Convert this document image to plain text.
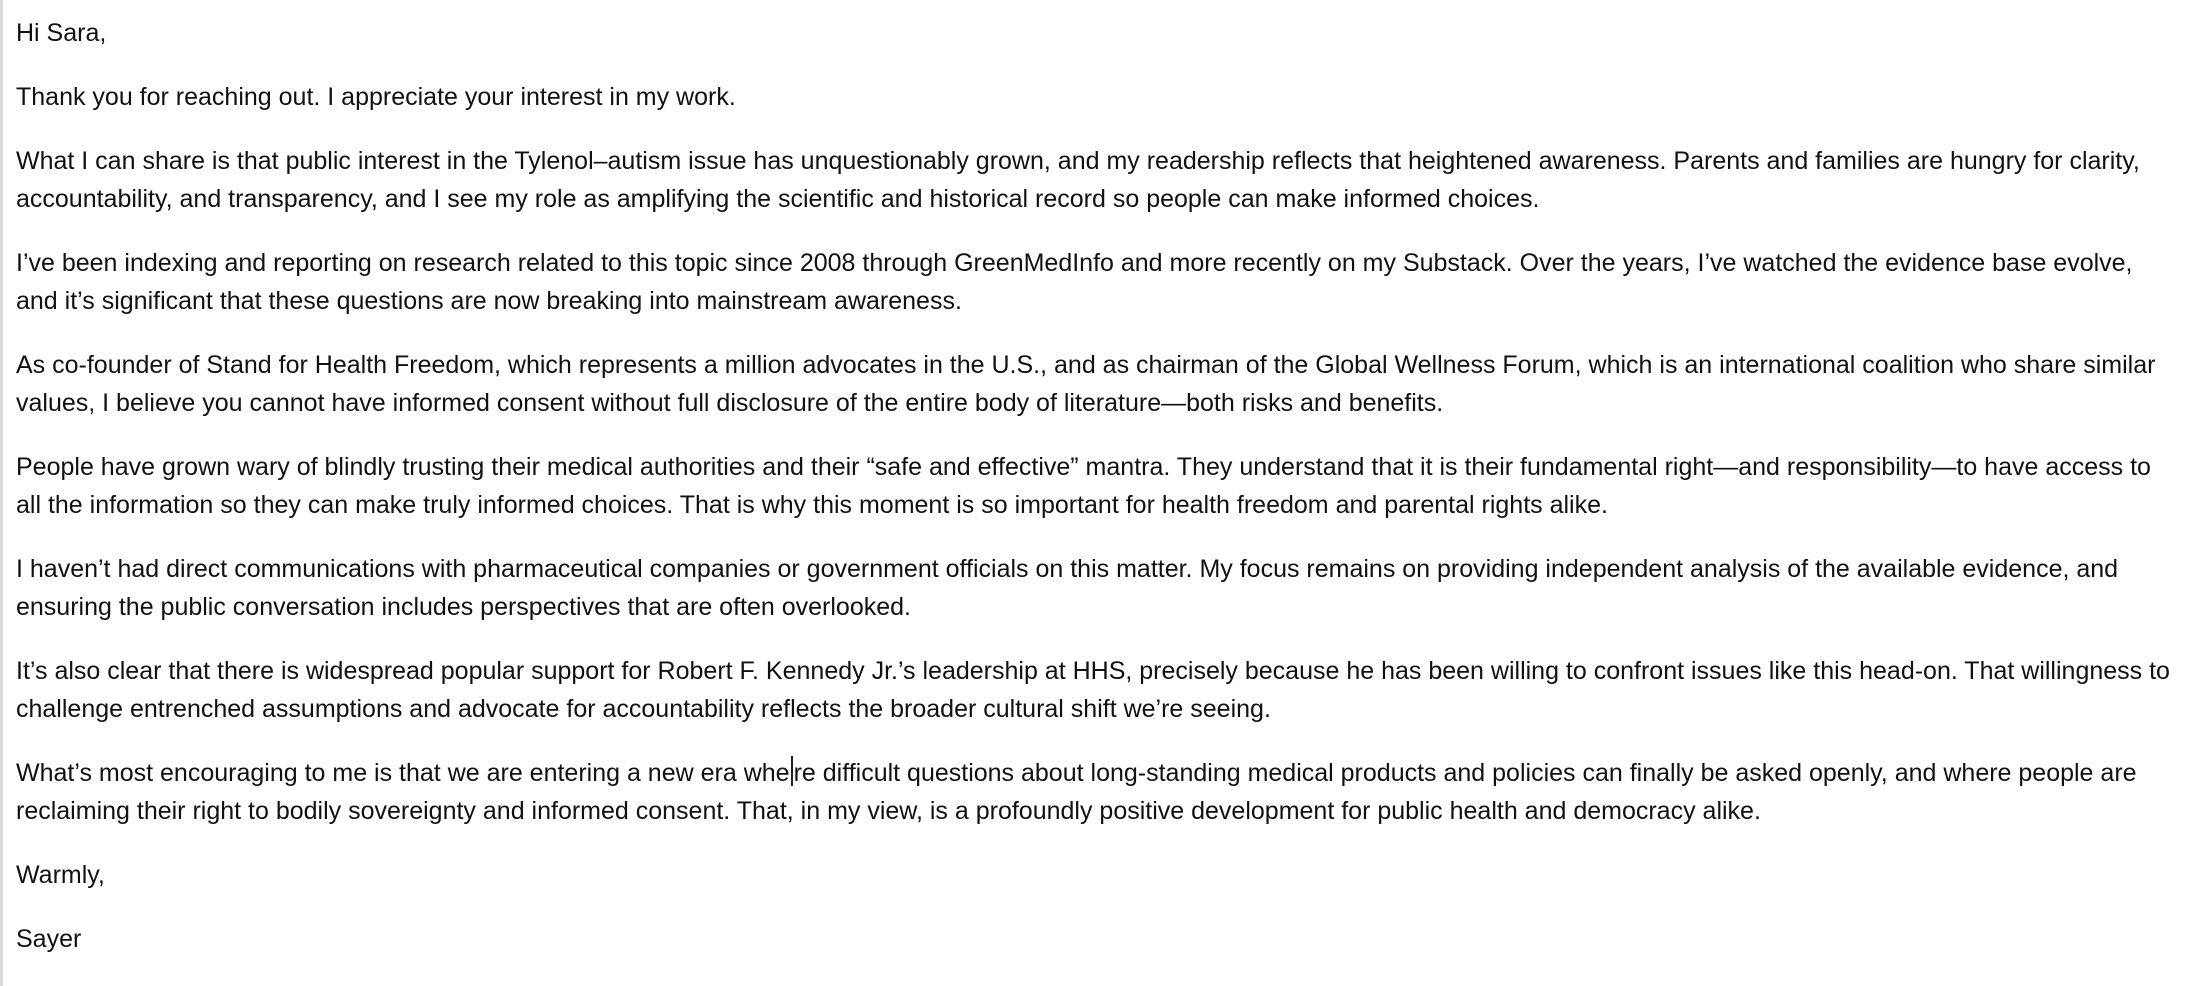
Hi Sara,

Thank you for reaching out. I appreciate your interest in my work.

What I can share is that public interest in the Tylenol–autism issue has unquestionably grown, and my readership reflects that heightened awareness. Parents and families are hungry for clarity, accountability, and transparency, and I see my role as amplifying the scientific and historical record so people can make informed choices.

I’ve been indexing and reporting on research related to this topic since 2008 through GreenMedInfo and more recently on my Substack. Over the years, I’ve watched the evidence base evolve, and it’s significant that these questions are now breaking into mainstream awareness.

As co-founder of Stand for Health Freedom, which represents a million advocates in the U.S., and as chairman of the Global Wellness Forum, which is an international coalition who share similar values, I believe you cannot have informed consent without full disclosure of the entire body of literature—both risks and benefits.

People have grown wary of blindly trusting their medical authorities and their “safe and effective” mantra. They understand that it is their fundamental right—and responsibility—to have access to all the information so they can make truly informed choices. That is why this moment is so important for health freedom and parental rights alike.

I haven’t had direct communications with pharmaceutical companies or government officials on this matter. My focus remains on providing independent analysis of the available evidence, and ensuring the public conversation includes perspectives that are often overlooked.

It’s also clear that there is widespread popular support for Robert F. Kennedy Jr.’s leadership at HHS, precisely because he has been willing to confront issues like this head-on. That willingness to challenge entrenched assumptions and advocate for accountability reflects the broader cultural shift we’re seeing.

What’s most encouraging to me is that we are entering a new era whe re difficult questions about long-standing medical products and policies can finally be asked openly, and where people are reclaiming their right to bodily sovereignty and informed consent. That, in my view, is a profoundly positive development for public health and democracy alike.

Warmly,

Sayer
